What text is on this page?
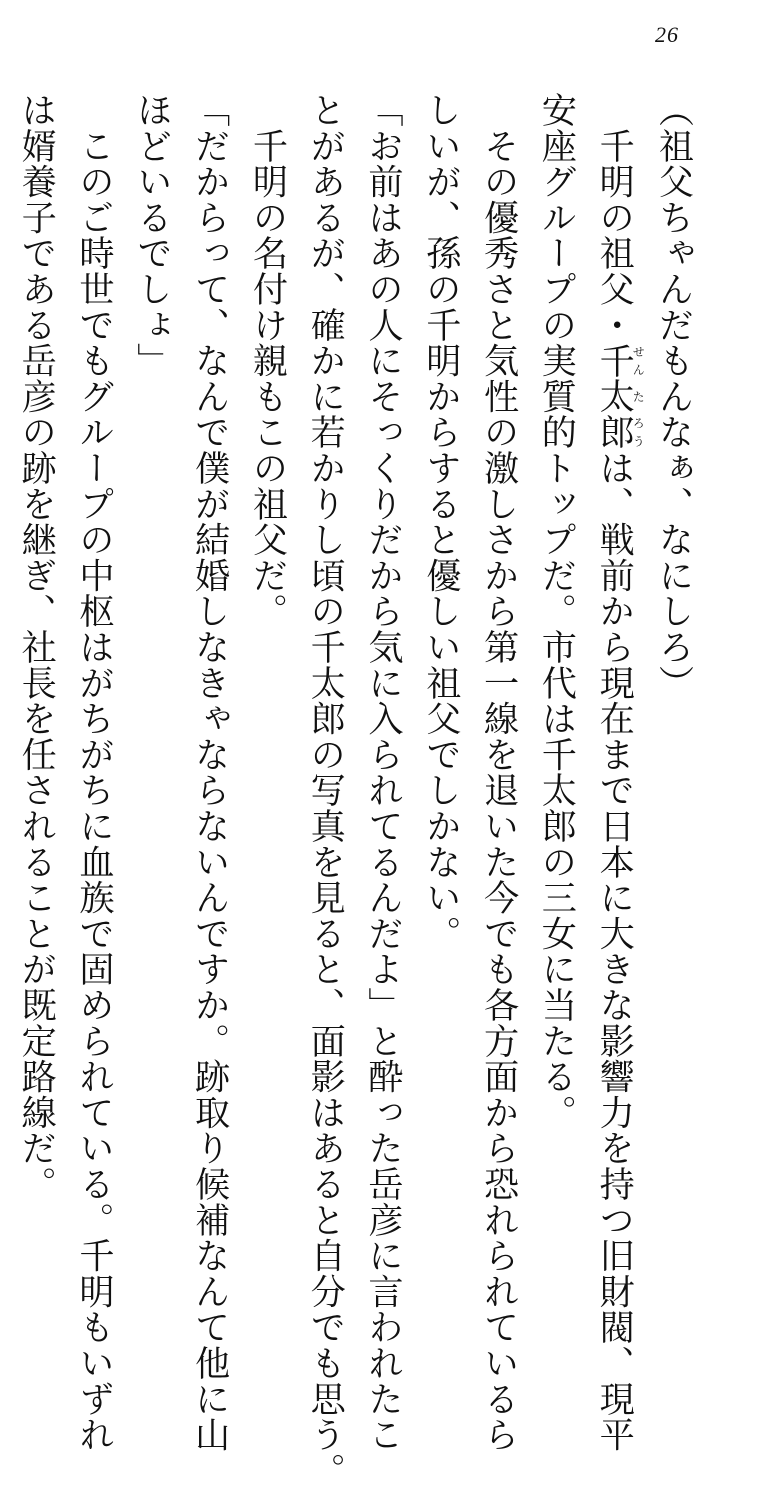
26

（祖父ちゃんだもんなぁ、なにしろ）

　千明の祖父・千せん太た郎ろうは、戦前から現在まで日本に大きな影響力を持つ旧財閥、現平

安座グループの実質的トップだ。市代は千太郎の三女に当たる。

　その優秀さと気性の激しさから第一線を退いた今でも各方面から恐れられているら

しいが、孫の千明からすると優しい祖父でしかない。

「お前はあの人にそっくりだから気に入られてるんだよ」と酔った岳彦に言われたこ

とがあるが、確かに若かりし頃の千太郎の写真を見ると、面影はあると自分でも思う。

　千明の名付け親もこの祖父だ。

「だからって、なんで僕が結婚しなきゃならないんですか。跡取り候補なんて他に山

ほどいるでしょ」

　このご時世でもグループの中枢はがちがちに血族で固められている。千明もいずれ

は婿養子である岳彦の跡を継ぎ、社長を任されることが既定路線だ。
